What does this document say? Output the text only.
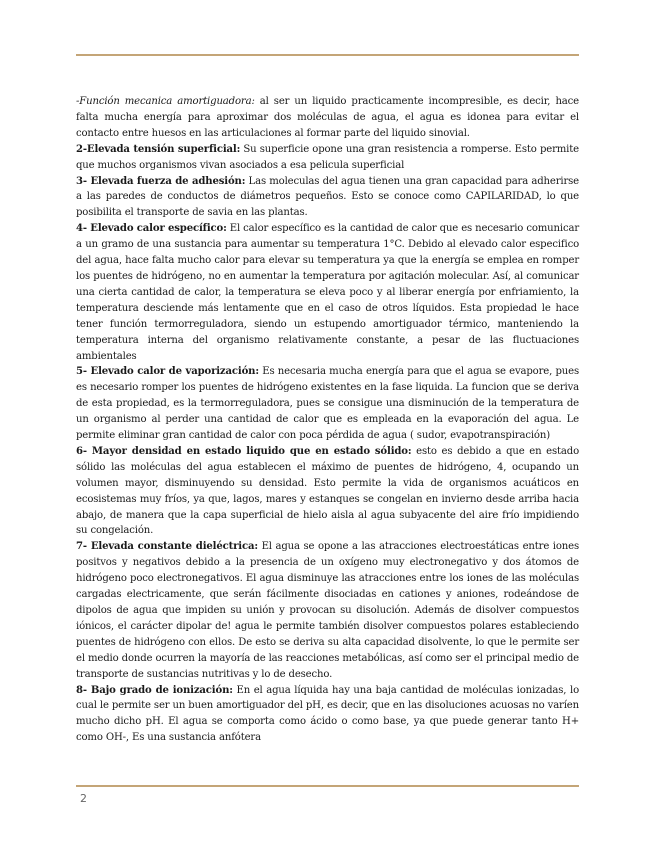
-Función mecanica amortiguadora: al ser un liquido practicamente incompresible, es decir, hace falta mucha energía para aproximar dos moléculas de agua, el agua es idonea para evitar el contacto entre huesos en las articulaciones al formar parte del liquido sinovial.

2-Elevada tensión superficial: Su superficie opone una gran resistencia a romperse. Esto permite que muchos organismos vivan asociados a esa pelicula superficial

3- Elevada fuerza de adhesión: Las moleculas del agua tienen una gran capacidad para adherirse a las paredes de conductos de diámetros pequeños. Esto se conoce como CAPILARIDAD, lo que posibilita el transporte de savia en las plantas.

4- Elevado calor específico: El calor específico es la cantidad de calor que es necesario comunicar a un gramo de una sustancia para aumentar su temperatura 1°C. Debido al elevado calor especifico del agua, hace falta mucho calor para elevar su temperatura ya que la energía se emplea en romper los puentes de hidrógeno, no en aumentar la temperatura por agitación molecular. Así, al comunicar una cierta cantidad de calor, la temperatura se eleva poco y al liberar energía por enfriamiento, la temperatura desciende más lentamente que en el caso de otros líquidos. Esta propiedad le hace tener función termorreguladora, siendo un estupendo amortiguador térmico, manteniendo la temperatura interna del organismo relativamente constante, a pesar de las fluctuaciones ambientales

5- Elevado calor de vaporización: Es necesaria mucha energía para que el agua se evapore, pues es necesario romper los puentes de hidrógeno existentes en la fase liquida. La funcion que se deriva de esta propiedad, es la termorreguladora, pues se consigue una disminución de la temperatura de un organismo al perder una cantidad de calor que es empleada en la evaporación del agua. Le permite eliminar gran cantidad de calor con poca pérdida de agua ( sudor, evapotranspiración)

6- Mayor densidad en estado liquido que en estado sólido: esto es debido a que en estado sólido las moléculas del agua establecen el máximo de puentes de hidrógeno, 4, ocupando un volumen mayor, disminuyendo su densidad. Esto permite la vida de organismos acuáticos en ecosistemas muy fríos, ya que, lagos, mares y estanques se congelan en invierno desde arriba hacia abajo, de manera que la capa superficial de hielo aisla al agua subyacente del aire frío impidiendo su congelación.

7- Elevada constante dieléctrica: El agua se opone a las atracciones electroestáticas entre iones positvos y negativos debido a la presencia de un oxígeno muy electronegativo y dos átomos de hidrógeno poco electronegativos. El agua disminuye las atracciones entre los iones de las moléculas cargadas electricamente, que serán fácilmente disociadas en cationes y aniones, rodeándose de dipolos de agua que impiden su unión y provocan su disolución. Además de disolver compuestos iónicos, el carácter dipolar de! agua le permite también disolver compuestos polares estableciendo puentes de hidrógeno con ellos. De esto se deriva su alta capacidad disolvente, lo que le permite ser el medio donde ocurren la mayoría de las reacciones metabólicas, así como ser el principal medio de transporte de sustancias nutritivas y lo de desecho.

8- Bajo grado de ionización: En el agua líquida hay una baja cantidad de moléculas ionizadas, lo cual le permite ser un buen amortiguador del pH, es decir, que en las disoluciones acuosas no varíen mucho dicho pH. El agua se comporta como ácido o como base, ya que puede generar tanto H+ como OH-, Es una sustancia anfótera

2
